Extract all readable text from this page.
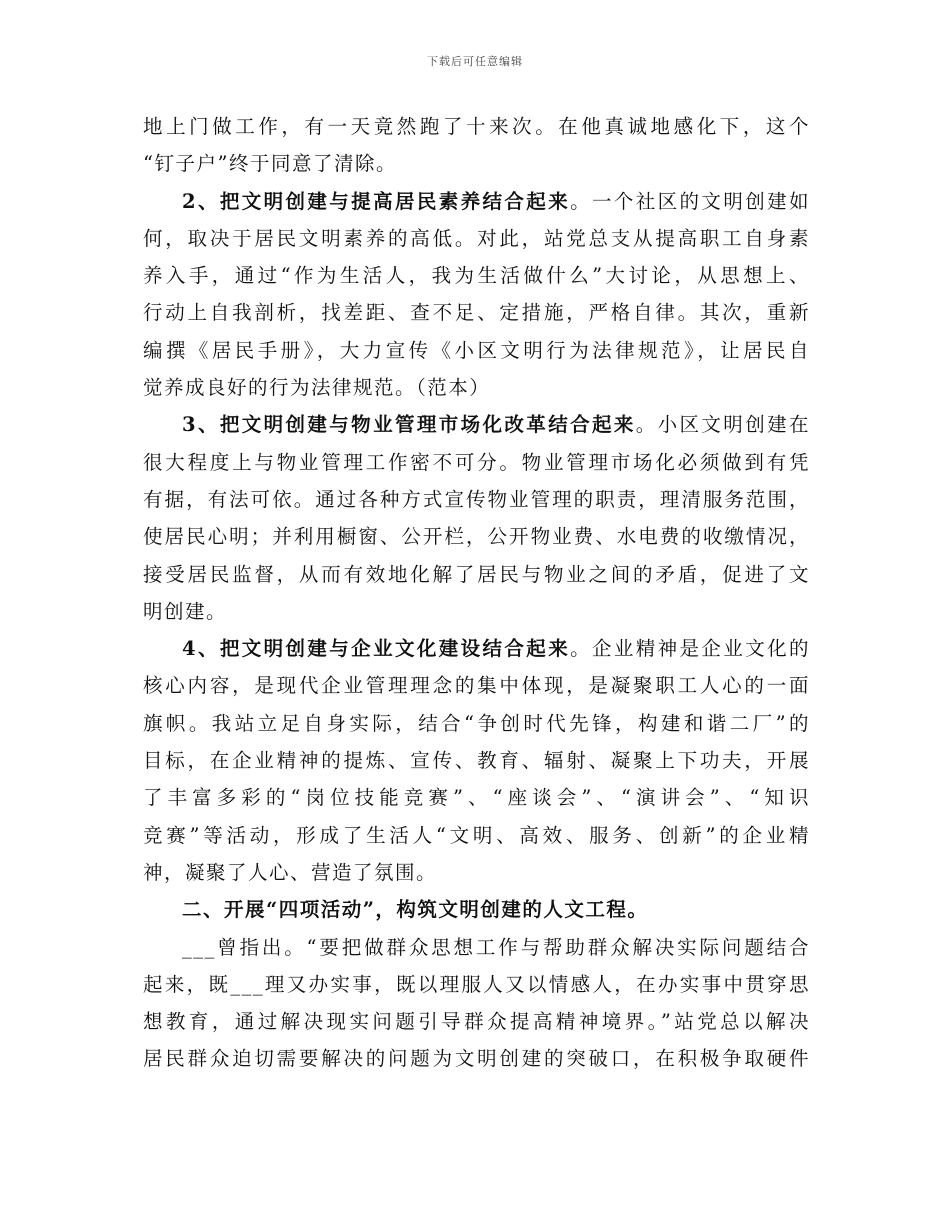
下载后可任意编辑
地上门做工作，有一天竟然跑了十来次。在他真诚地感化下，这个
“钉子户”终于同意了清除。
2、把文明创建与提高居民素养结合起来。一个社区的文明创建如
何，取决于居民文明素养的高低。对此，站党总支从提高职工自身素
养入手，通过“作为生活人，我为生活做什么”大讨论，从思想上、
行动上自我剖析，找差距、查不足、定措施，严格自律。其次，重新
编撰《居民手册》，大力宣传《小区文明行为法律规范》，让居民自
觉养成良好的行为法律规范。（范本）
3、把文明创建与物业管理市场化改革结合起来。小区文明创建在
很大程度上与物业管理工作密不可分。物业管理市场化必须做到有凭
有据，有法可依。通过各种方式宣传物业管理的职责，理清服务范围，
使居民心明；并利用橱窗、公开栏，公开物业费、水电费的收缴情况，
接受居民监督，从而有效地化解了居民与物业之间的矛盾，促进了文
明创建。
4、把文明创建与企业文化建设结合起来。企业精神是企业文化的
核心内容，是现代企业管理理念的集中体现，是凝聚职工人心的一面
旗帜。我站立足自身实际，结合“争创时代先锋，构建和谐二厂”的
目标，在企业精神的提炼、宣传、教育、辐射、凝聚上下功夫，开展
了丰富多彩的“岗位技能竞赛”、“座谈会”、“演讲会”、“知识
竞赛”等活动，形成了生活人“文明、高效、服务、创新”的企业精
神，凝聚了人心、营造了氛围。
二、开展“四项活动”，构筑文明创建的人文工程。
___曾指出。“要把做群众思想工作与帮助群众解决实际问题结合
起来，既___理又办实事，既以理服人又以情感人，在办实事中贯穿思
想教育，通过解决现实问题引导群众提高精神境界。”站党总以解决
居民群众迫切需要解决的问题为文明创建的突破口，在积极争取硬件
